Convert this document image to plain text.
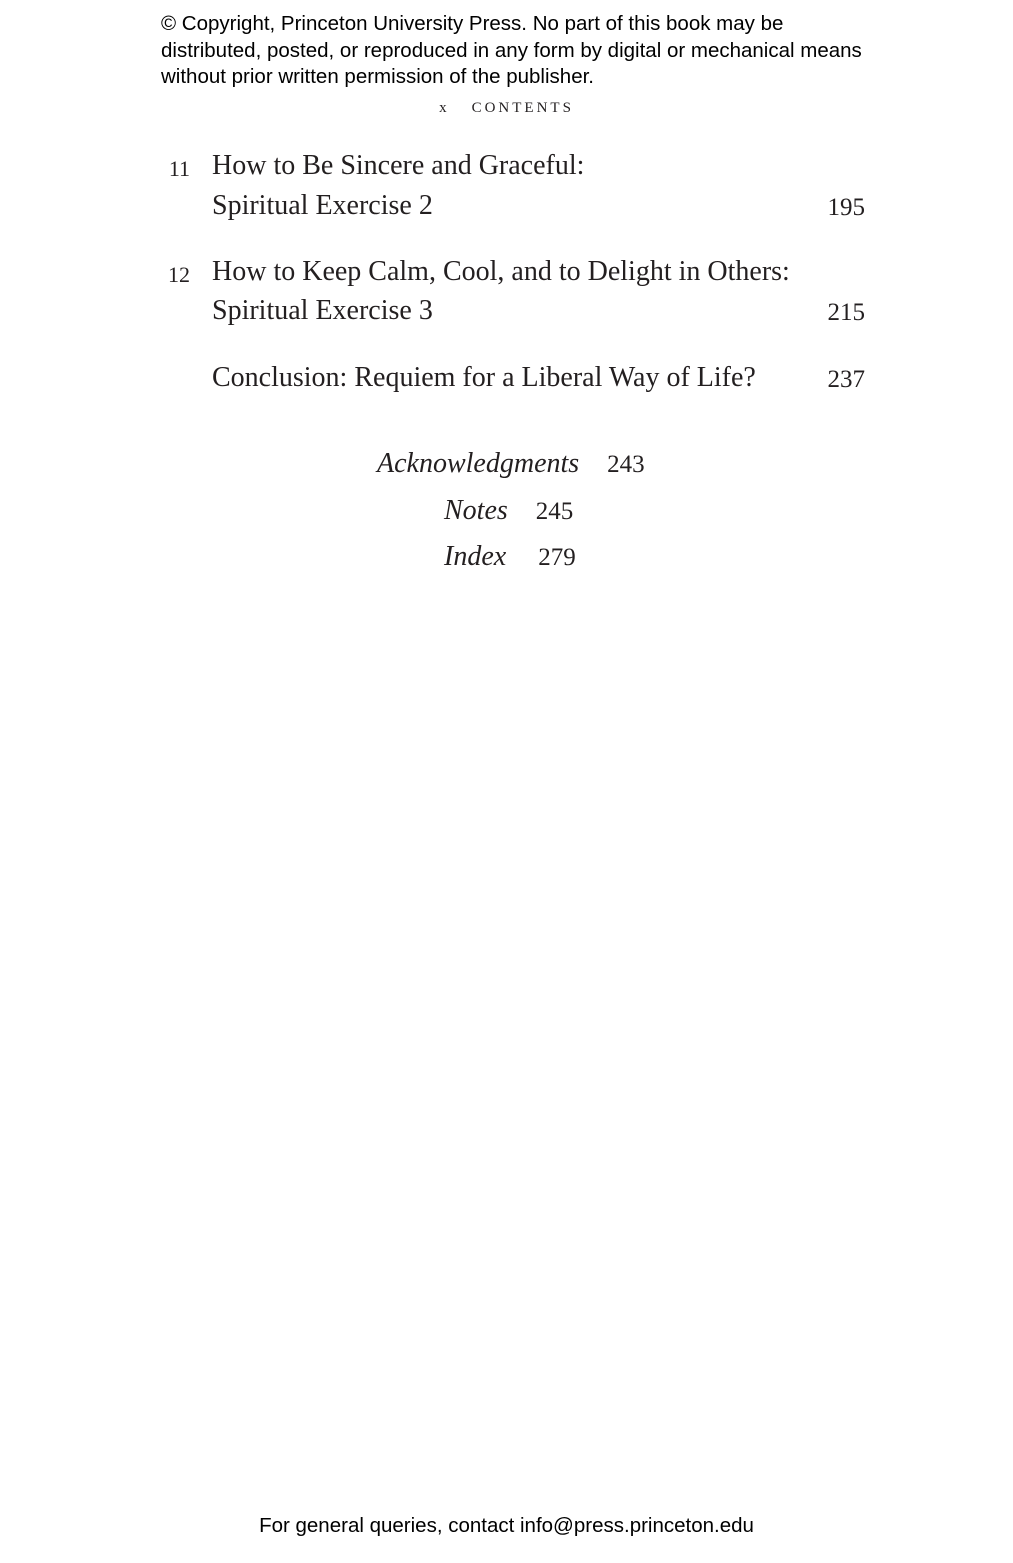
© Copyright, Princeton University Press. No part of this book may be distributed, posted, or reproduced in any form by digital or mechanical means without prior written permission of the publisher.
x CONTENTS
11 How to Be Sincere and Graceful:
Spiritual Exercise 2	195
12 How to Keep Calm, Cool, and to Delight in Others:
Spiritual Exercise 3	215
Conclusion: Requiem for a Liberal Way of Life?	237
Acknowledgments 243
Notes 245
Index 279
For general queries, contact info@press.princeton.edu
